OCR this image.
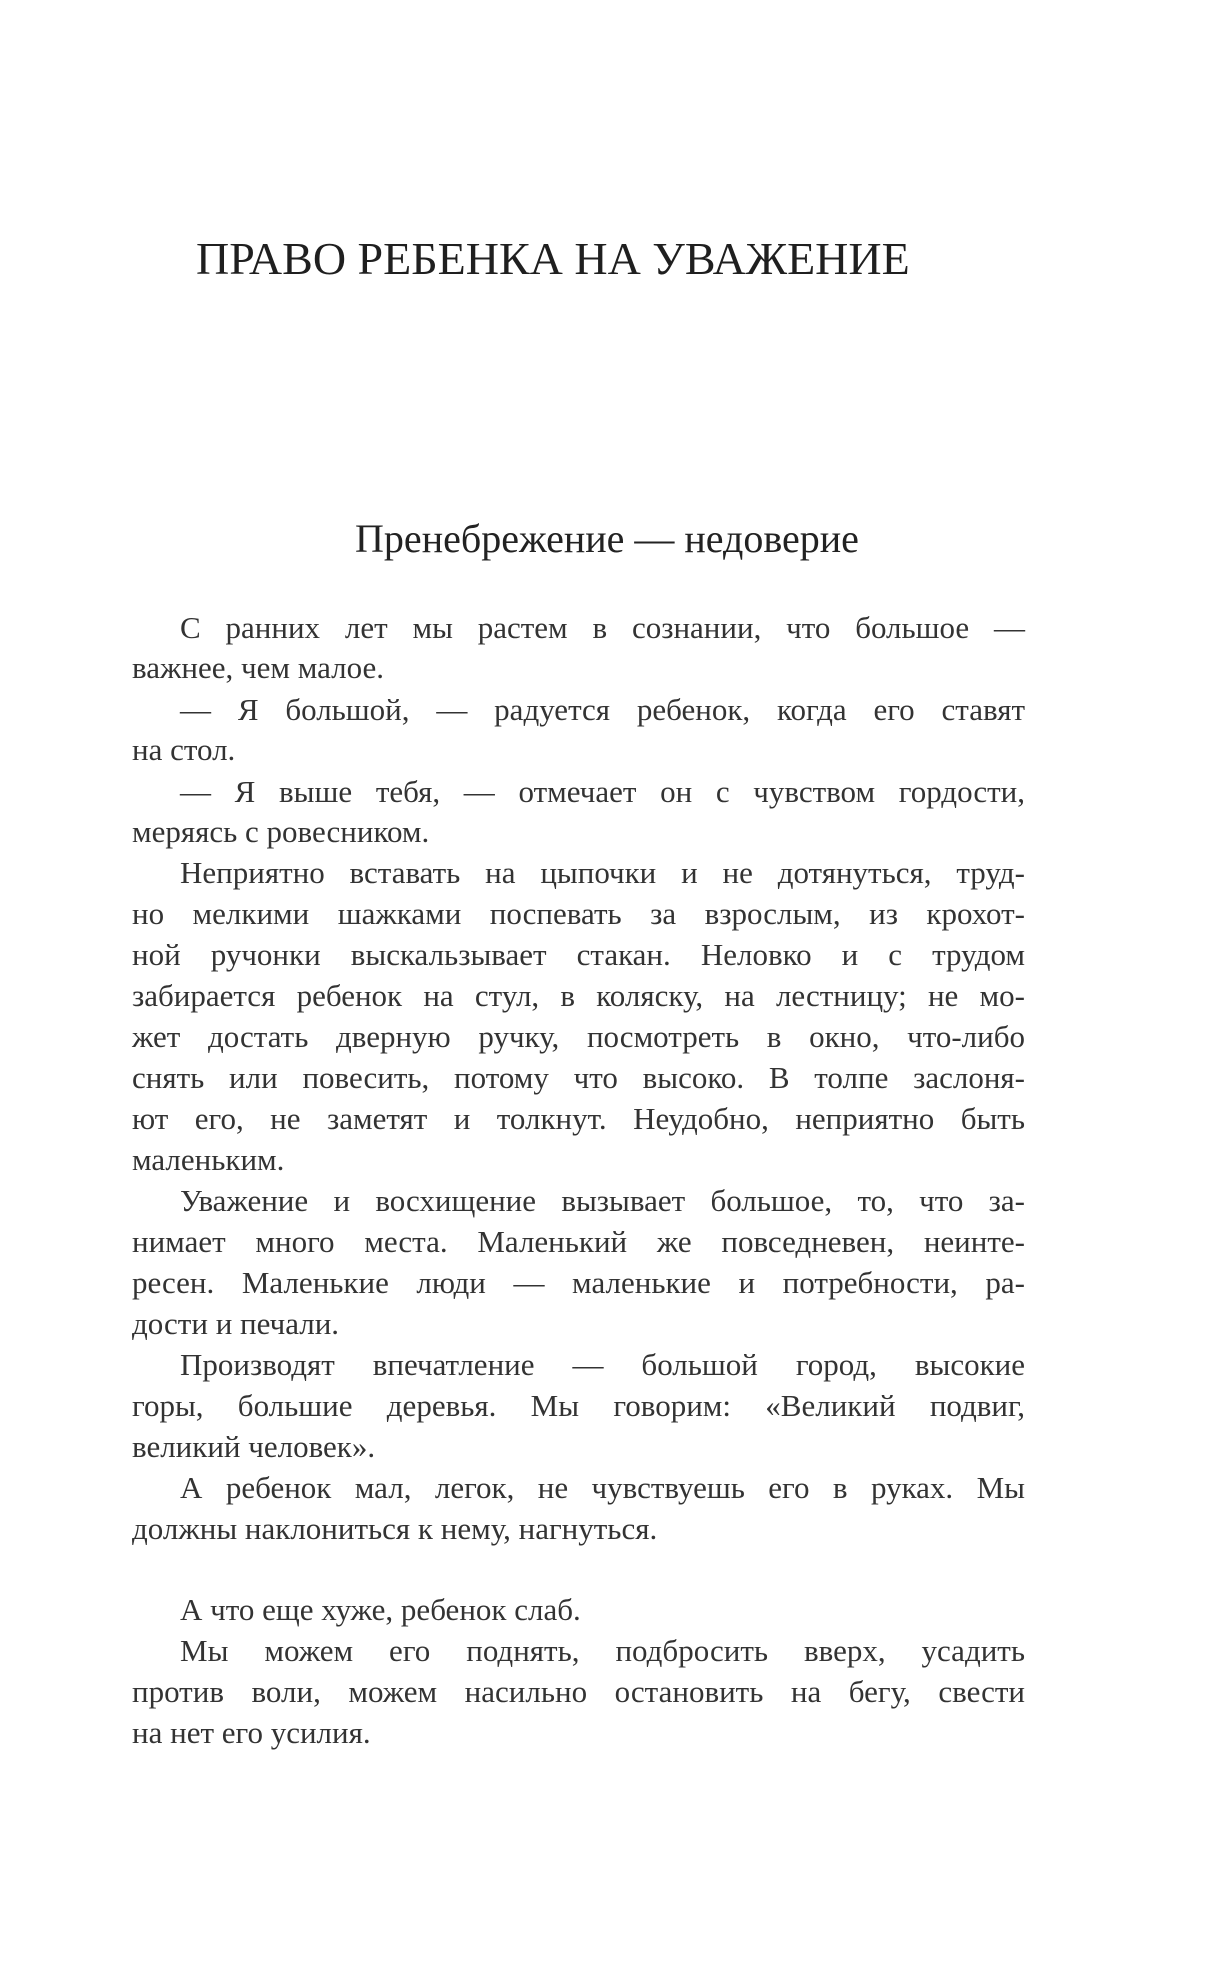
ПРАВО РЕБЕНКА НА УВАЖЕНИЕ
Пренебрежение — недоверие

С ранних лет мы растем в сознании, что большое —

важнее, чем малое.

— Я большой, — радуется ребенок, когда его ставят

на стол.

— Я выше тебя, — отмечает он с чувством гордости,

меряясь с ровесником.

Неприятно вставать на цыпочки и не дотянуться, труд-

но мелкими шажками поспевать за взрослым, из крохот-

ной ручонки выскальзывает стакан. Неловко и с трудом

забирается ребенок на стул, в коляску, на лестницу; не мо-

жет достать дверную ручку, посмотреть в окно, что-либо

снять или повесить, потому что высоко. В толпе заслоня-

ют его, не заметят и толкнут. Неудобно, неприятно быть

маленьким.

Уважение и восхищение вызывает большое, то, что за-

нимает много места. Маленький же повседневен, неинте-

ресен. Маленькие люди — маленькие и потребности, ра-

дости и печали.

Производят впечатление — большой город, высокие

горы, большие деревья. Мы говорим: «Великий подвиг,

великий человек».

А ребенок мал, легок, не чувствуешь его в руках. Мы

должны наклониться к нему, нагнуться.

А что еще хуже, ребенок слаб.

Мы можем его поднять, подбросить вверх, усадить

против воли, можем насильно остановить на бегу, свести

на нет его усилия.
